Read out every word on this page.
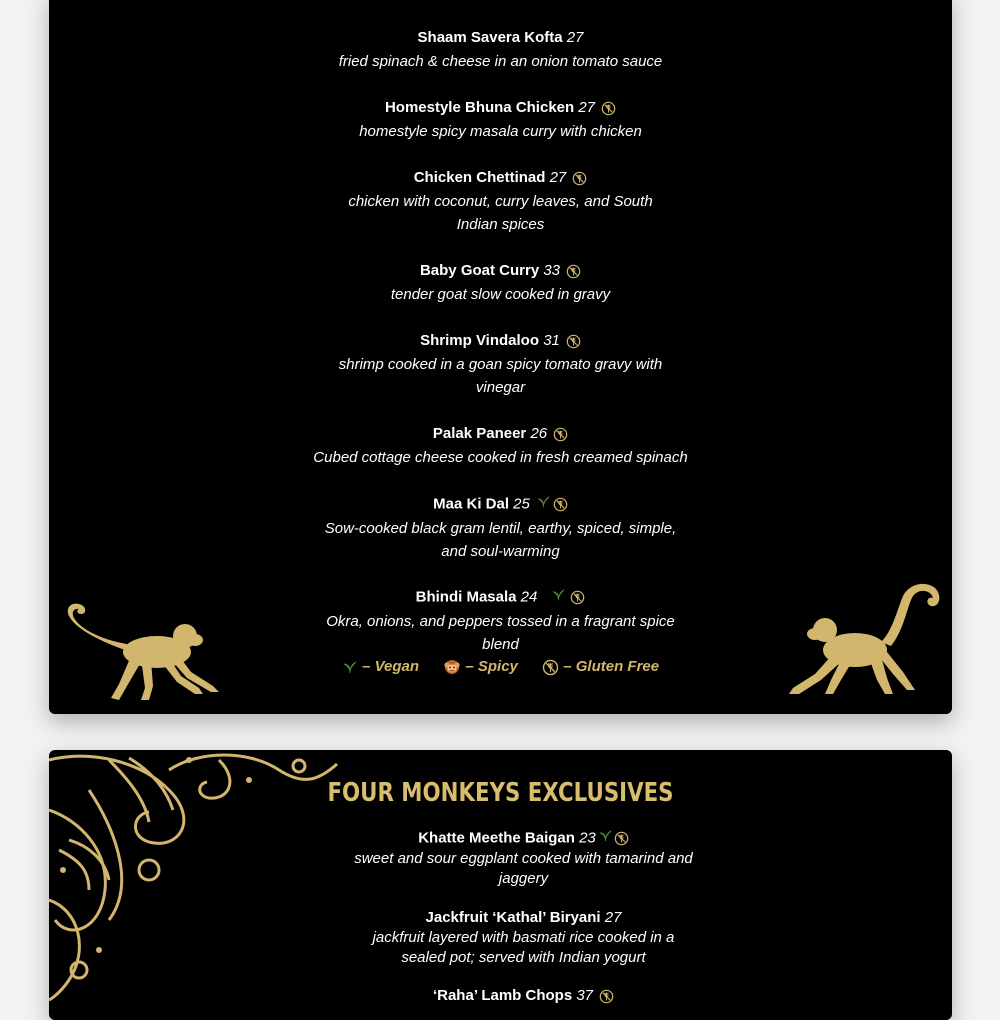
Shaam Savera Kofta 27
fried spinach & cheese in an onion tomato sauce
Homestyle Bhuna Chicken 27
homestyle spicy masala curry with chicken
Chicken Chettinad 27
chicken with coconut, curry leaves, and South Indian spices
Baby Goat Curry 33
tender goat slow cooked in gravy
Shrimp Vindaloo 31
shrimp cooked in a goan spicy tomato gravy with vinegar
Palak Paneer 26
Cubed cottage cheese cooked in fresh creamed spinach
Maa Ki Dal 25
Sow-cooked black gram lentil, earthy, spiced, simple, and soul-warming
Bhindi Masala 24
Okra, onions, and peppers tossed in a fragrant spice blend
– Vegan	– Spicy	– Gluten Free
FOUR MONKEYS EXCLUSIVES
Khatte Meethe Baigan 23
sweet and sour eggplant cooked with tamarind and jaggery
Jackfruit ‘Kathal’ Biryani 27
jackfruit layered with basmati rice cooked in a sealed pot; served with Indian yogurt
‘Raha’ Lamb Chops 37
